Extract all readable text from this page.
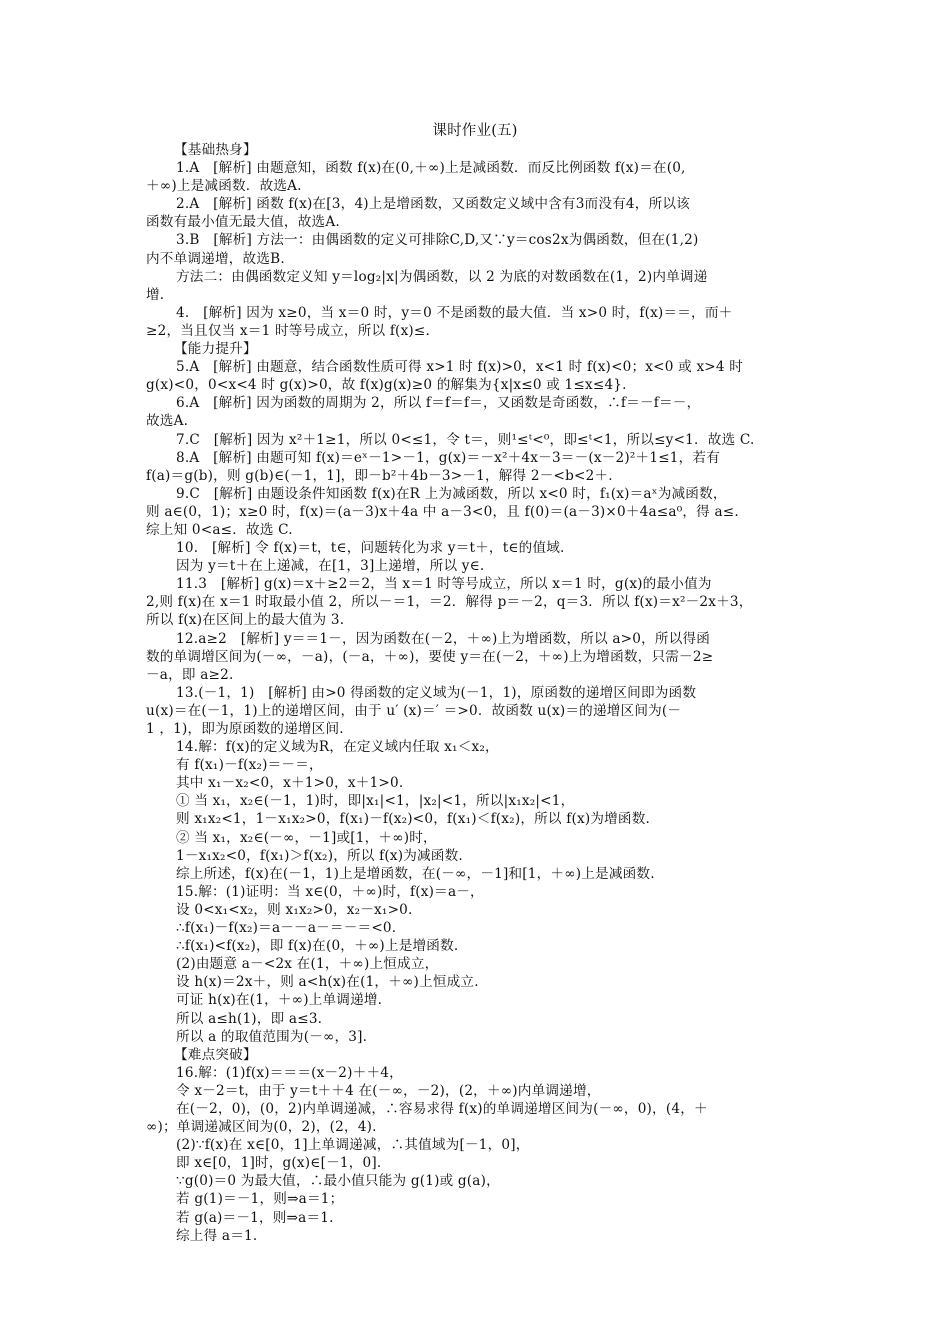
课时作业(五)
【基础热身】
1.A　[解析] 由题意知，函数 f(x)在(0,＋∞)上是减函数．而反比例函数 f(x)＝在(0,
＋∞)上是减函数．故选A.
2.A　[解析] 函数 f(x)在[3，4)上是增函数，又函数定义域中含有3而没有4，所以该
函数有最小值无最大值，故选A.
3.B　[解析] 方法一：由偶函数的定义可排除C,D,又∵y＝cos2x为偶函数，但在(1,2)
内不单调递增，故选B.
方法二：由偶函数定义知 y＝log₂|x|为偶函数，以 2 为底的对数函数在(1，2)内单调递
增.
4.　[解析] 因为 x≥0，当 x＝0 时，y＝0 不是函数的最大值．当 x>0 时，f(x)＝＝，而＋
≥2，当且仅当 x＝1 时等号成立，所以 f(x)≤.
【能力提升】
5.A　[解析] 由题意，结合函数性质可得 x>1 时 f(x)>0，x<1 时 f(x)<0；x<0 或 x>4 时
g(x)<0，0<x<4 时 g(x)>0，故 f(x)g(x)≥0 的解集为{x|x≤0 或 1≤x≤4}.
6.A　[解析] 因为函数的周期为 2，所以 f＝f＝f＝，又函数是奇函数，∴f＝－f＝－，
故选A.
7.C　[解析] 因为 x²＋1≥1，所以 0<≤1，令 t＝，则¹≤ᵗ<⁰，即≤ᵗ<1，所以≤y<1．故选 C.
8.A　[解析] 由题可知 f(x)＝eˣ－1>－1，g(x)＝－x²＋4x－3＝－(x－2)²＋1≤1，若有
f(a)＝g(b)，则 g(b)∈(－1，1]，即－b²＋4b－3>－1，解得 2－<b<2＋.
9.C　[解析] 由题设条件知函数 f(x)在R 上为减函数，所以 x<0 时，f₁(x)＝aˣ为减函数，
则 a∈(0，1)；x≥0 时，f(x)＝(a－3)x＋4a 中 a－3<0，且 f(0)＝(a－3)×0＋4a≤a⁰，得 a≤.
综上知 0<a≤．故选 C.
10.　[解析] 令 f(x)＝t，t∈，问题转化为求 y＝t＋，t∈的值域.
因为 y＝t＋在上递减，在[1，3]上递增，所以 y∈.
11.3　[解析] g(x)＝x＋≥2＝2，当 x＝1 时等号成立，所以 x＝1 时，g(x)的最小值为
2,则 f(x)在 x＝1 时取最小值 2，所以－＝1，＝2．解得 p＝－2，q＝3．所以 f(x)＝x²－2x＋3，
所以 f(x)在区间上的最大值为 3.
12.a≥2　[解析] y＝＝1－，因为函数在(－2，＋∞)上为增函数，所以 a>0，所以得函
数的单调增区间为(－∞，－a)，(－a，＋∞)，要使 y＝在(－2，＋∞)上为增函数，只需－2≥
－a，即 a≥2.
13.(－1，1)　[解析] 由>0 得函数的定义域为(－1，1)，原函数的递增区间即为函数
u(x)＝在(－1，1)上的递增区间，由于 u′ (x)＝′ ＝>0．故函数 u(x)＝的递增区间为(－
1 ，1)，即为原函数的递增区间.
14.解：f(x)的定义域为R，在定义域内任取 x₁＜x₂，
有 f(x₁)－f(x₂)＝－＝，
其中 x₁－x₂<0，x＋1>0，x＋1>0.
① 当 x₁，x₂∈(－1，1)时，即|x₁|<1，|x₂|<1，所以|x₁x₂|<1，
则 x₁x₂<1，1－x₁x₂>0，f(x₁)－f(x₂)<0，f(x₁)＜f(x₂)，所以 f(x)为增函数.
② 当 x₁，x₂∈(－∞，－1]或[1，＋∞)时，
1－x₁x₂<0，f(x₁)＞f(x₂)，所以 f(x)为减函数.
综上所述，f(x)在(－1，1)上是增函数，在(－∞，－1]和[1，＋∞)上是减函数.
15.解：(1)证明：当 x∈(0，＋∞)时，f(x)＝a－，
设 0<x₁<x₂，则 x₁x₂>0，x₂－x₁>0.
∴f(x₁)－f(x₂)＝a－－a－＝－＝<0.
∴f(x₁)<f(x₂)，即 f(x)在(0，＋∞)上是增函数.
(2)由题意 a－<2x 在(1，＋∞)上恒成立，
设 h(x)＝2x＋，则 a<h(x)在(1，＋∞)上恒成立.
可证 h(x)在(1，＋∞)上单调递增.
所以 a≤h(1)，即 a≤3.
所以 a 的取值范围为(－∞，3].
【难点突破】
16.解：(1)f(x)＝＝＝(x－2)＋＋4，
令 x－2＝t，由于 y＝t＋＋4 在(－∞，－2)，(2，＋∞)内单调递增，
在(－2，0)，(0，2)内单调递减，∴容易求得 f(x)的单调递增区间为(－∞，0)，(4，＋
∞)；单调递减区间为(0，2)，(2，4).
(2)∵f(x)在 x∈[0，1]上单调递减，∴其值域为[－1，0]，
即 x∈[0，1]时，g(x)∈[－1，0].
∵g(0)＝0 为最大值，∴最小值只能为 g(1)或 g(a)，
若 g(1)＝－1，则⇒a＝1；
若 g(a)＝－1，则⇒a＝1.
综上得 a＝1.
